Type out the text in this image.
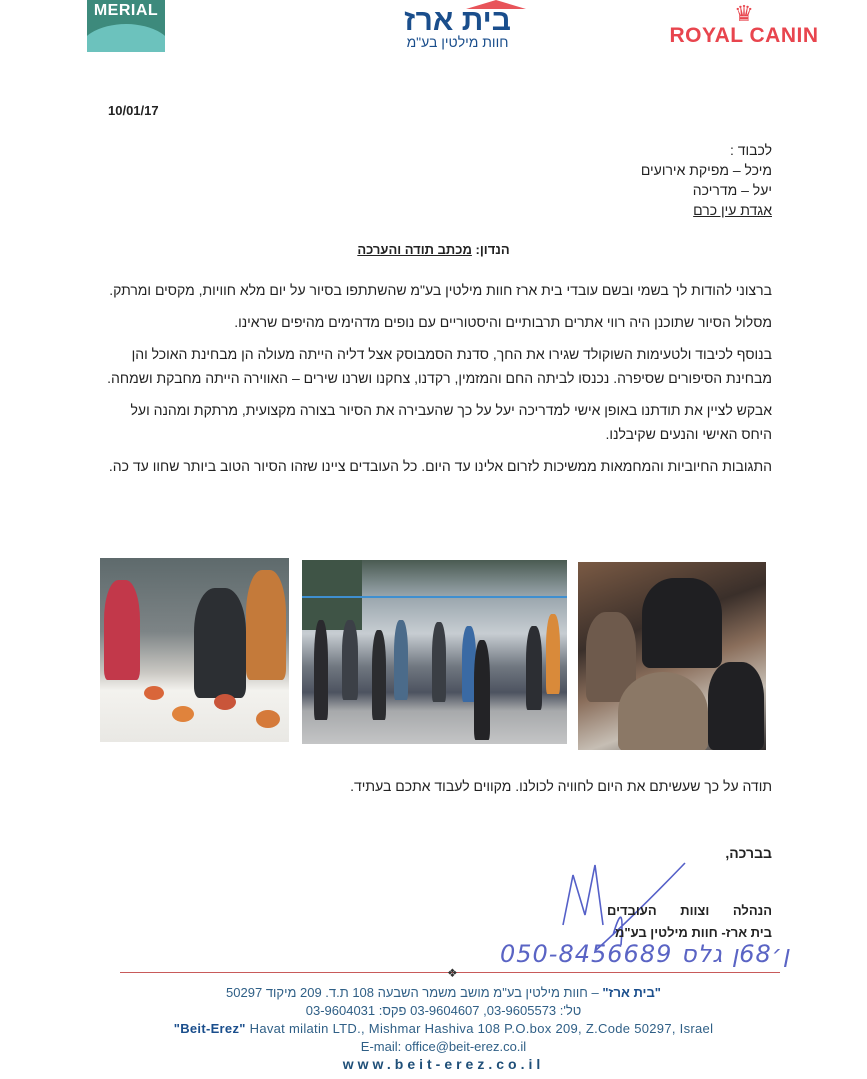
MERIAL	בית ארז
חוות מילטין בע"מ
♛
ROYAL CANIN
10/01/17
לכבוד :
מיכל – מפיקת אירועים
יעל – מדריכה
אגדת עין כרם
הנדון: מכתב תודה והערכה

ברצוני להודות לך בשמי ובשם עובדי בית ארז חוות מילטין בע"מ שהשתתפו בסיור על יום מלא חוויות, מקסים ומרתק.

מסלול הסיור שתוכנן היה רווי אתרים תרבותיים והיסטוריים עם נופים מדהימים מהיפים שראינו.

בנוסף לכיבוד ולטעימות השוקולד שגירו את החך, סדנת הסמבוסק אצל דליה הייתה מעולה הן מבחינת האוכל והן מבחינת הסיפורים שסיפרה. נכנסו לביתה החם והמזמין, רקדנו, צחקנו ושרנו שירים – האווירה הייתה מחבקת ושמחה.

אבקש לציין את תודתנו באופן אישי למדריכה יעל על כך שהעבירה את הסיור בצורה מקצועית, מרתקת ומהנה ועל היחס האישי והנעים שקיבלנו.

התגובות החיוביות והמחמאות ממשיכות לזרום אלינו עד היום. כל העובדים ציינו שזהו הסיור הטוב ביותר שחוו עד כה.

תודה על כך שעשיתם את היום לחוויה לכולנו. מקווים לעבוד אתכם בעתיד.
בברכה,
הנהלה וצוות העובדים
בית ארז- חוות מילטין בע"מ
050-8456689 ן׳68ן גלס
❖
"בית ארז" – חוות מילטין בע"מ מושב משמר השבעה 108 ת.ד. 209 מיקוד 50297
טל': 03-9605573, 03-9604607 פקס: 03-9604031
"Beit-Erez" Havat milatin LTD., Mishmar Hashiva 108 P.O.box 209, Z.Code 50297, Israel
E-mail: office@beit-erez.co.il
www.beit-erez.co.il
